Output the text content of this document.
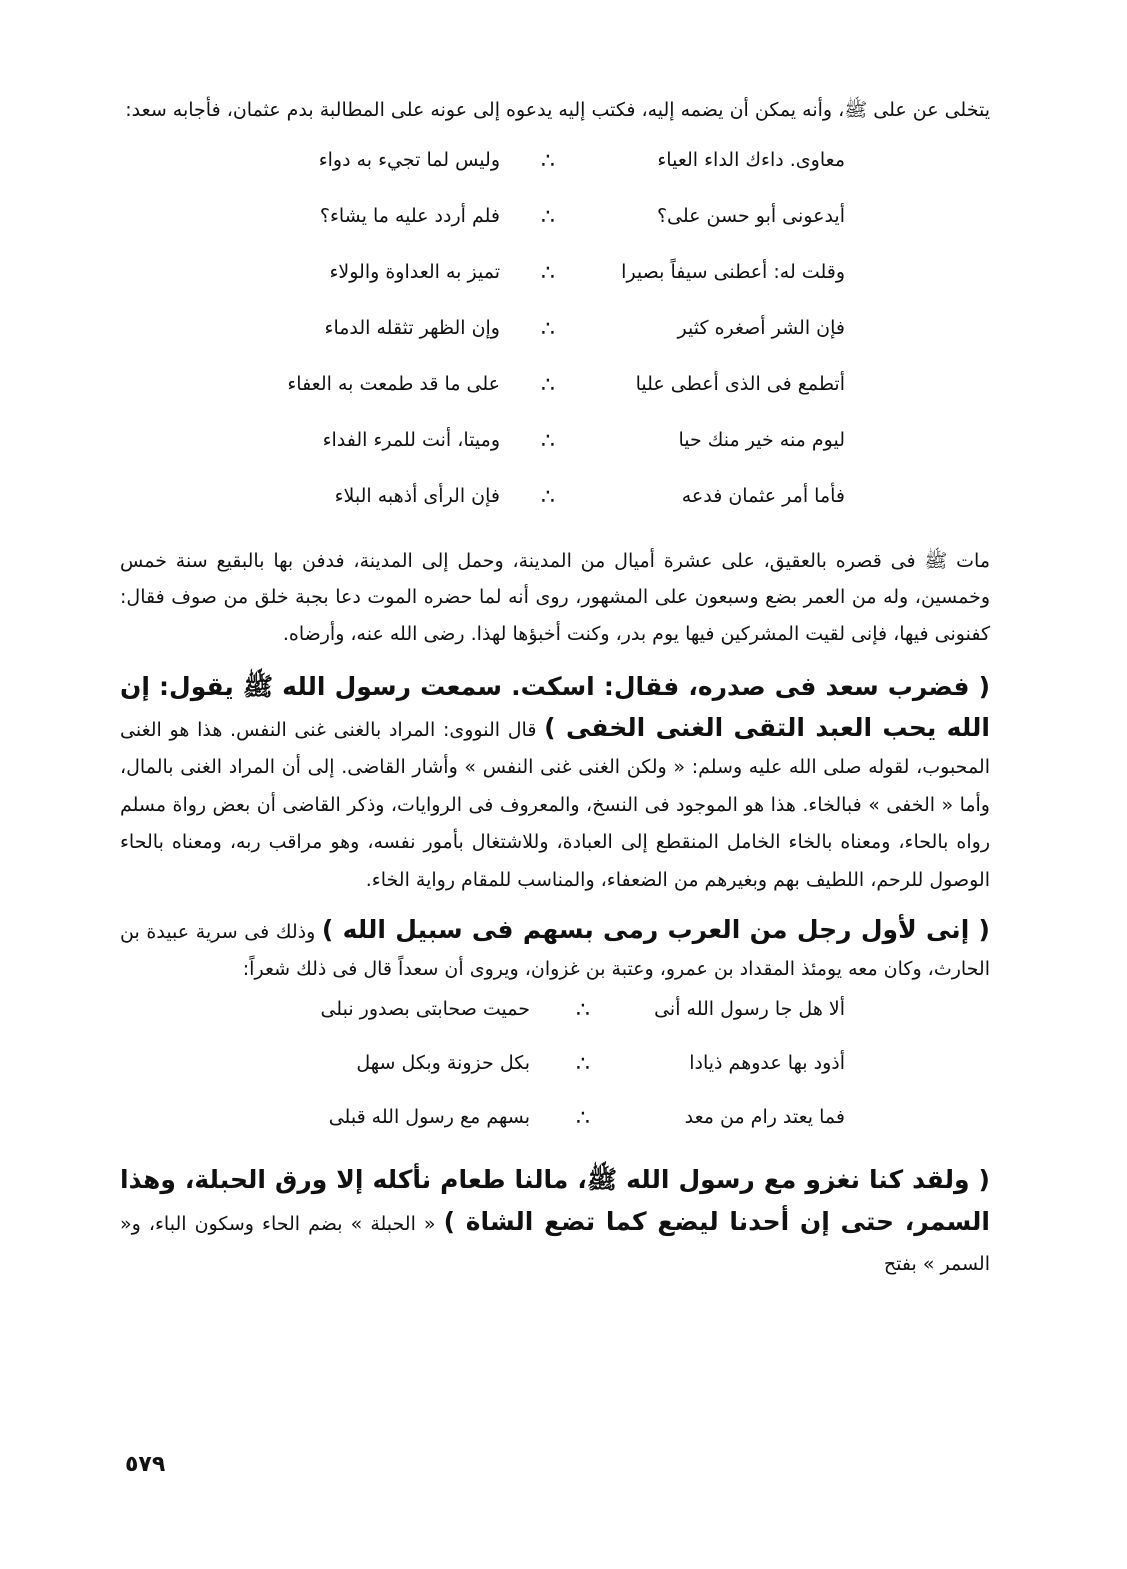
يتخلى عن على ﷺ، وأنه يمكن أن يضمه إليه، فكتب إليه يدعوه إلى عونه على المطالبة بدم عثمان، فأجابه سعد:

معاوى. داءك الداء العياء
∴
وليس لما تجيء به دواء
أيدعونى أبو حسن على؟
∴
فلم أردد عليه ما يشاء؟
وقلت له: أعطنى سيفاً بصيرا
∴
تميز به العداوة والولاء
فإن الشر أصغره كثير
∴
وإن الظهر تثقله الدماء
أتطمع فى الذى أعطى عليا
∴
على ما قد طمعت به العفاء
ليوم منه خير منك حيا
∴
وميتا، أنت للمرء الفداء
فأما أمر عثمان فدعه
∴
فإن الرأى أذهبه البلاء

مات ﷺ فى قصره بالعقيق، على عشرة أميال من المدينة، وحمل إلى المدينة، فدفن بها بالبقيع سنة خمس وخمسين، وله من العمر بضع وسبعون على المشهور، روى أنه لما حضره الموت دعا بجبة خلق من صوف فقال: كفنونى فيها، فإنى لقيت المشركين فيها يوم بدر، وكنت أخبؤها لهذا. رضى الله عنه، وأرضاه.

( فضرب سعد فى صدره، فقال: اسكت. سمعت رسول الله ﷺ يقول: إن الله يحب العبد التقى الغنى الخفى ) قال النووى: المراد بالغنى غنى النفس. هذا هو الغنى المحبوب، لقوله صلى الله عليه وسلم: « ولكن الغنى غنى النفس » وأشار القاضى. إلى أن المراد الغنى بالمال، وأما « الخفى » فبالخاء. هذا هو الموجود فى النسخ، والمعروف فى الروايات، وذكر القاضى أن بعض رواة مسلم رواه بالحاء، ومعناه بالخاء الخامل المنقطع إلى العبادة، وللاشتغال بأمور نفسه، وهو مراقب ربه، ومعناه بالحاء الوصول للرحم، اللطيف بهم وبغيرهم من الضعفاء، والمناسب للمقام رواية الخاء.

( إنى لأول رجل من العرب رمى بسهم فى سبيل الله ) وذلك فى سرية عبيدة بن الحارث، وكان معه يومئذ المقداد بن عمرو، وعتبة بن غزوان، ويروى أن سعداً قال فى ذلك شعراً:

ألا هل جا رسول الله أنى
∴
حميت صحابتى بصدور نبلى
أذود بها عدوهم ذيادا
∴
بكل حزونة وبكل سهل
فما يعتد رام من معد
∴
بسهم مع رسول الله قبلى

( ولقد كنا نغزو مع رسول الله ﷺ، مالنا طعام نأكله إلا ورق الحبلة، وهذا السمر، حتى إن أحدنا ليضع كما تضع الشاة ) « الحبلة » بضم الحاء وسكون الباء، و« السمر » بفتح

٥٧٩
